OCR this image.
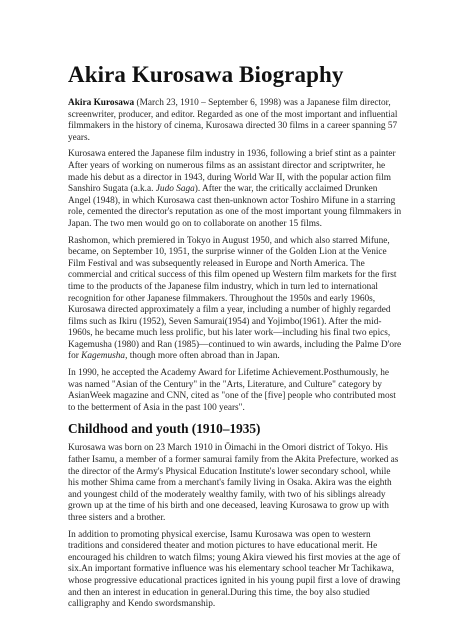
Akira Kurosawa Biography

Akira Kurosawa (March 23, 1910 – September 6, 1998) was a Japanese film director,
screenwriter, producer, and editor. Regarded as one of the most important and influential
filmmakers in the history of cinema, Kurosawa directed 30 films in a career spanning 57
years.

Kurosawa entered the Japanese film industry in 1936, following a brief stint as a painter
After years of working on numerous films as an assistant director and scriptwriter, he
made his debut as a director in 1943, during World War II, with the popular action film
Sanshiro Sugata (a.k.a. Judo Saga). After the war, the critically acclaimed Drunken
Angel (1948), in which Kurosawa cast then-unknown actor Toshiro Mifune in a starring
role, cemented the director's reputation as one of the most important young filmmakers in
Japan. The two men would go on to collaborate on another 15 films.

Rashomon, which premiered in Tokyo in August 1950, and which also starred Mifune,
became, on September 10, 1951, the surprise winner of the Golden Lion at the Venice
Film Festival and was subsequently released in Europe and North America. The
commercial and critical success of this film opened up Western film markets for the first
time to the products of the Japanese film industry, which in turn led to international
recognition for other Japanese filmmakers. Throughout the 1950s and early 1960s,
Kurosawa directed approximately a film a year, including a number of highly regarded
films such as Ikiru (1952), Seven Samurai(1954) and Yojimbo(1961). After the mid-
1960s, he became much less prolific, but his later work—including his final two epics,
Kagemusha (1980) and Ran (1985)—continued to win awards, including the Palme D'ore
for Kagemusha, though more often abroad than in Japan.

In 1990, he accepted the Academy Award for Lifetime Achievement.Posthumously, he
was named "Asian of the Century" in the "Arts, Literature, and Culture" category by
AsianWeek magazine and CNN, cited as "one of the [five] people who contributed most
to the betterment of Asia in the past 100 years".

Childhood and youth (1910–1935)

Kurosawa was born on 23 March 1910 in Ōimachi in the Omori district of Tokyo. His
father Isamu, a member of a former samurai family from the Akita Prefecture, worked as
the director of the Army's Physical Education Institute's lower secondary school, while
his mother Shima came from a merchant's family living in Osaka. Akira was the eighth
and youngest child of the moderately wealthy family, with two of his siblings already
grown up at the time of his birth and one deceased, leaving Kurosawa to grow up with
three sisters and a brother.

In addition to promoting physical exercise, Isamu Kurosawa was open to western
traditions and considered theater and motion pictures to have educational merit. He
encouraged his children to watch films; young Akira viewed his first movies at the age of
six.An important formative influence was his elementary school teacher Mr Tachikawa,
whose progressive educational practices ignited in his young pupil first a love of drawing
and then an interest in education in general.During this time, the boy also studied
calligraphy and Kendo swordsmanship.
